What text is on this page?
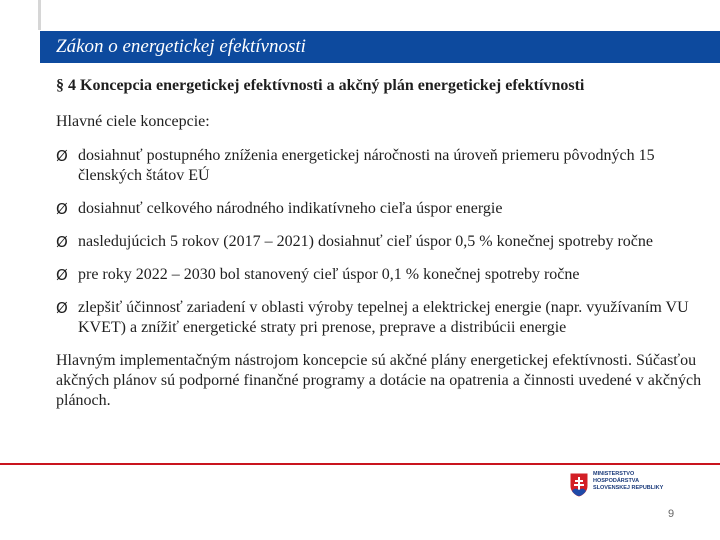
Zákon o energetickej efektívnosti

§ 4 Koncepcia energetickej efektívnosti a akčný plán energetickej efektívnosti

Hlavné ciele koncepcie:

Ø dosiahnuť postupného zníženia energetickej náročnosti na úroveň priemeru pôvodných 15 členských štátov EÚ
Ø dosiahnuť celkového národného indikatívneho cieľa úspor energie
Ø nasledujúcich 5 rokov (2017 – 2021) dosiahnuť cieľ úspor 0,5 % konečnej spotreby ročne
Ø pre roky 2022 – 2030 bol stanovený cieľ úspor 0,1 % konečnej spotreby ročne
Ø zlepšiť účinnosť zariadení v oblasti výroby tepelnej a elektrickej energie (napr. využívaním VU KVET) a znížiť energetické straty pri prenose, preprave a distribúcii energie

Hlavným implementačným nástrojom koncepcie sú akčné plány energetickej efektívnosti. Súčasťou akčných plánov sú podporné finančné programy a dotácie na opatrenia a činnosti uvedené v akčných plánoch.

MINISTERSTVO
HOSPODÁRSTVA
SLOVENSKEJ REPUBLIKY
9
